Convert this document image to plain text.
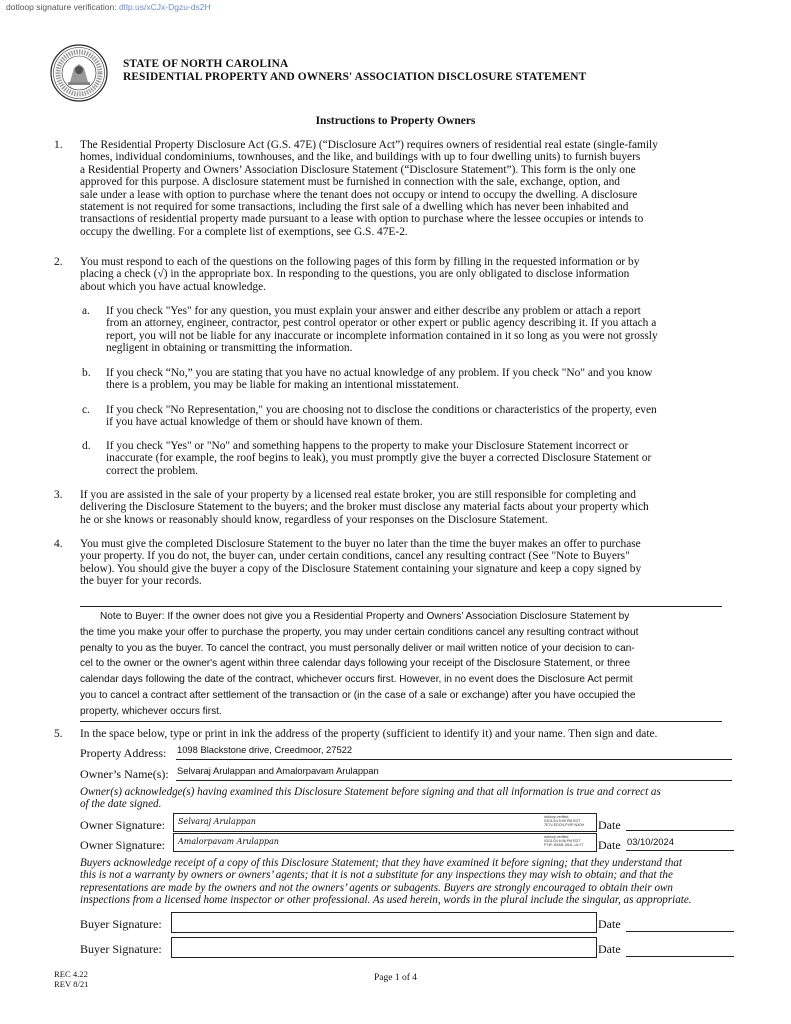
dotloop signature verification: dtlp.us/xCJx-Dgzu-ds2H
STATE OF NORTH CAROLINA
RESIDENTIAL PROPERTY AND OWNERS' ASSOCIATION DISCLOSURE STATEMENT
Instructions to Property Owners
1. The Residential Property Disclosure Act (G.S. 47E) (“Disclosure Act”) requires owners of residential real estate (single-family
homes, individual condominiums, townhouses, and the like, and buildings with up to four dwelling units) to furnish buyers
a Residential Property and Owners’ Association Disclosure Statement (“Disclosure Statement”). This form is the only one
approved for this purpose. A disclosure statement must be furnished in connection with the sale, exchange, option, and
sale under a lease with option to purchase where the tenant does not occupy or intend to occupy the dwelling. A disclosure
statement is not required for some transactions, including the first sale of a dwelling which has never been inhabited and
transactions of residential property made pursuant to a lease with option to purchase where the lessee occupies or intends to
occupy the dwelling. For a complete list of exemptions, see G.S. 47E-2.
2. You must respond to each of the questions on the following pages of this form by filling in the requested information or by
placing a check (√) in the appropriate box. In responding to the questions, you are only obligated to disclose information
about which you have actual knowledge.
a. If you check "Yes" for any question, you must explain your answer and either describe any problem or attach a report
from an attorney, engineer, contractor, pest control operator or other expert or public agency describing it. If you attach a
report, you will not be liable for any inaccurate or incomplete information contained in it so long as you were not grossly
negligent in obtaining or transmitting the information.
b. If you check “No,” you are stating that you have no actual knowledge of any problem. If you check "No" and you know
there is a problem, you may be liable for making an intentional misstatement.
c. If you check "No Representation," you are choosing not to disclose the conditions or characteristics of the property, even
if you have actual knowledge of them or should have known of them.
d. If you check "Yes" or "No" and something happens to the property to make your Disclosure Statement incorrect or
inaccurate (for example, the roof begins to leak), you must promptly give the buyer a corrected Disclosure Statement or
correct the problem.
3. If you are assisted in the sale of your property by a licensed real estate broker, you are still responsible for completing and
delivering the Disclosure Statement to the buyers; and the broker must disclose any material facts about your property which
he or she knows or reasonably should know, regardless of your responses on the Disclosure Statement.
4. You must give the completed Disclosure Statement to the buyer no later than the time the buyer makes an offer to purchase
your property. If you do not, the buyer can, under certain conditions, cancel any resulting contract (See "Note to Buyers"
below). You should give the buyer a copy of the Disclosure Statement containing your signature and keep a copy signed by
the buyer for your records.
Note to Buyer: If the owner does not give you a Residential Property and Owners’ Association Disclosure Statement by
the time you make your offer to purchase the property, you may under certain conditions cancel any resulting contract without
penalty to you as the buyer. To cancel the contract, you must personally deliver or mail written notice of your decision to can-
cel to the owner or the owner's agent within three calendar days following your receipt of the Disclosure Statement, or three
calendar days following the date of the contract, whichever occurs first. However, in no event does the Disclosure Act permit
you to cancel a contract after settlement of the transaction or (in the case of a sale or exchange) after you have occupied the
property, whichever occurs first.
5. In the space below, type or print in ink the address of the property (sufficient to identify it) and your name. Then sign and date.
Property Address: 1098 Blackstone drive, Creedmoor, 27522
Owner’s Name(s): Selvaraj Arulappan and Amalorpavam Arulappan
Owner(s) acknowledge(s) having examined this Disclosure Statement before signing and that all information is true and correct as
of the date signed.
Owner Signature: Selvaraj Arulappan	dotloop verified
03/11/24 5:55 PM EDT
7E7V-EDCN-PVIP-NX0H Date
Owner Signature: Amalorpavam Arulappan	dotloop verified
03/11/24 6:06 PM EDT
P74F-H5AR-G61L-ULYT Date 03/10/2024
Buyers acknowledge receipt of a copy of this Disclosure Statement; that they have examined it before signing; that they understand that
this is not a warranty by owners or owners’ agents; that it is not a substitute for any inspections they may wish to obtain; and that the
representations are made by the owners and not the owners’ agents or subagents. Buyers are strongly encouraged to obtain their own
inspections from a licensed home inspector or other professional. As used herein, words in the plural include the singular, as appropriate.
Buyer Signature:	Date
Buyer Signature:	Date
REC 4.22
REV 8/21
Page 1 of 4
